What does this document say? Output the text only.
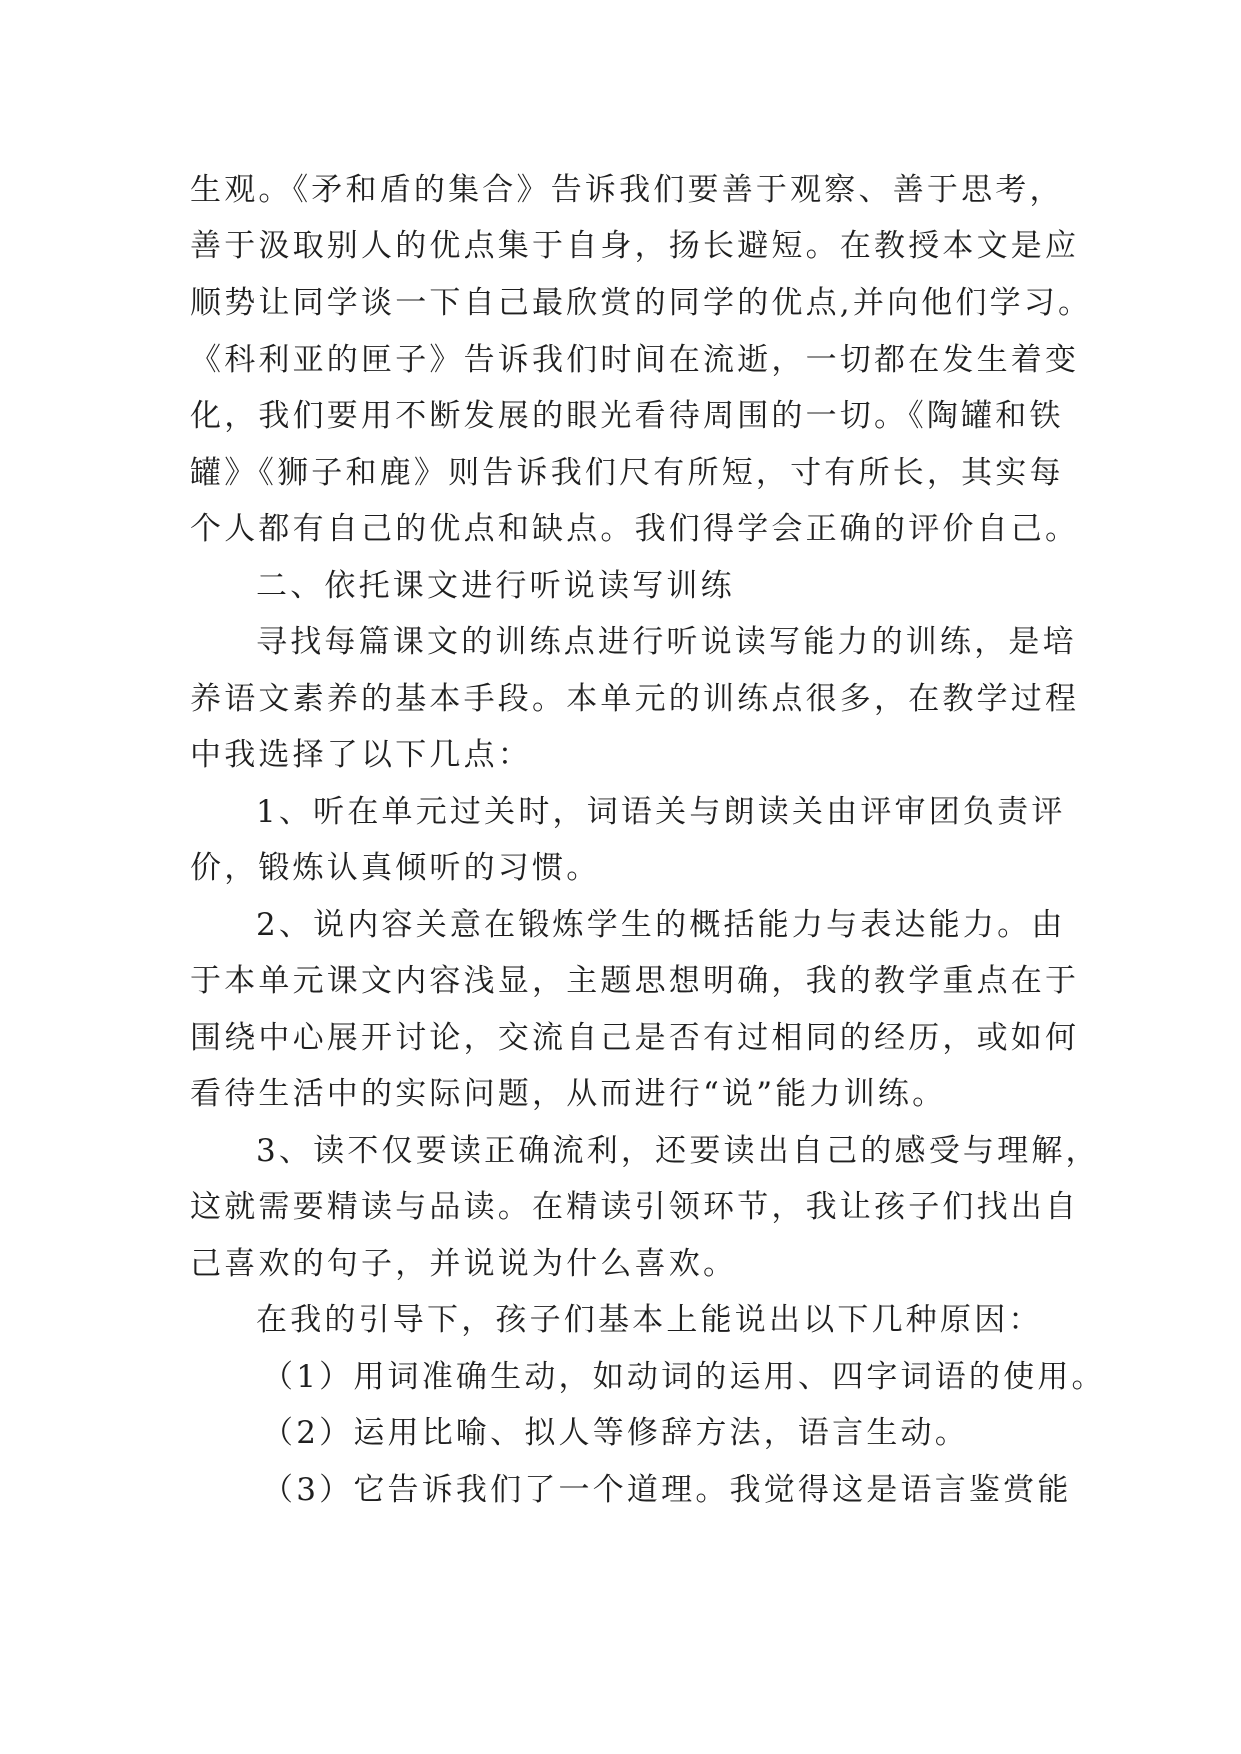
生观。《矛和盾的集合》告诉我们要善于观察、善于思考，
善于汲取别人的优点集于自身，扬长避短。在教授本文是应
顺势让同学谈一下自己最欣赏的同学的优点,并向他们学习。
《科利亚的匣子》告诉我们时间在流逝，一切都在发生着变
化，我们要用不断发展的眼光看待周围的一切。《陶罐和铁
罐》《狮子和鹿》则告诉我们尺有所短，寸有所长，其实每
个人都有自己的优点和缺点。我们得学会正确的评价自己。
二、依托课文进行听说读写训练
寻找每篇课文的训练点进行听说读写能力的训练，是培
养语文素养的基本手段。本单元的训练点很多，在教学过程
中我选择了以下几点：
1、听在单元过关时，词语关与朗读关由评审团负责评
价，锻炼认真倾听的习惯。
2、说内容关意在锻炼学生的概括能力与表达能力。由
于本单元课文内容浅显，主题思想明确，我的教学重点在于
围绕中心展开讨论，交流自己是否有过相同的经历，或如何
看待生活中的实际问题，从而进行“说”能力训练。
3、读不仅要读正确流利，还要读出自己的感受与理解，
这就需要精读与品读。在精读引领环节，我让孩子们找出自
己喜欢的句子，并说说为什么喜欢。
在我的引导下，孩子们基本上能说出以下几种原因：
（1）用词准确生动，如动词的运用、四字词语的使用。
（2）运用比喻、拟人等修辞方法，语言生动。
（3）它告诉我们了一个道理。我觉得这是语言鉴赏能
